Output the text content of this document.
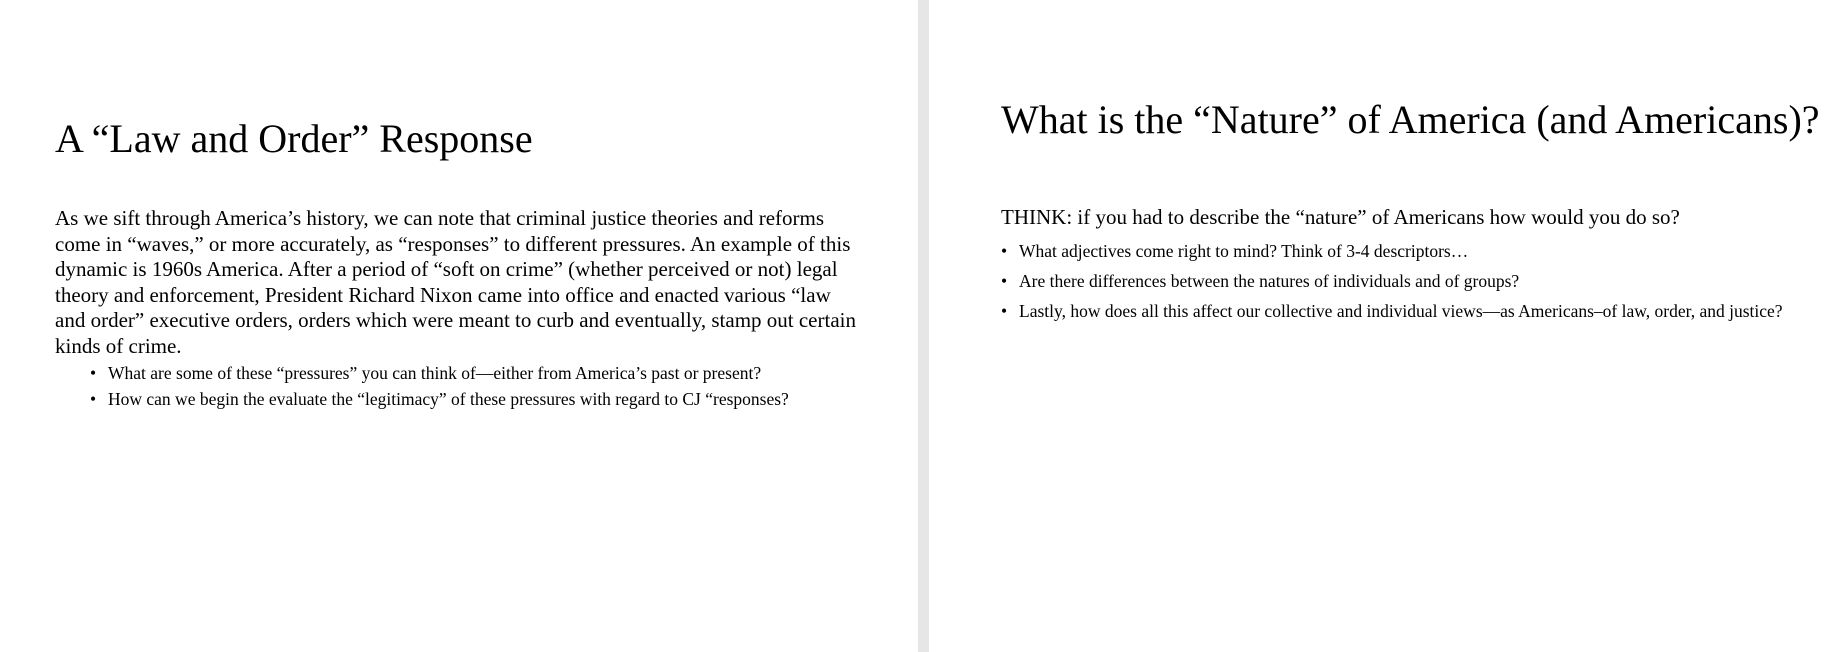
A “Law and Order” Response

As we sift through America’s history, we can note that criminal justice theories and reforms come in “waves,” or more accurately, as “responses” to different pressures. An example of this dynamic is 1960s America. After a period of “soft on crime” (whether perceived or not) legal theory and enforcement, President Richard Nixon came into office and enacted various “law and order” executive orders, orders which were meant to curb and eventually, stamp out certain kinds of crime.

• What are some of these “pressures” you can think of—either from America’s past or present?
• How can we begin the evaluate the “legitimacy” of these pressures with regard to CJ “responses?
What is the “Nature” of America (and Americans)?

THINK: if you had to describe the “nature” of Americans how would you do so?

• What adjectives come right to mind? Think of 3-4 descriptors…
• Are there differences between the natures of individuals and of groups?
• Lastly, how does all this affect our collective and individual views—as Americans–of law, order, and justice?
